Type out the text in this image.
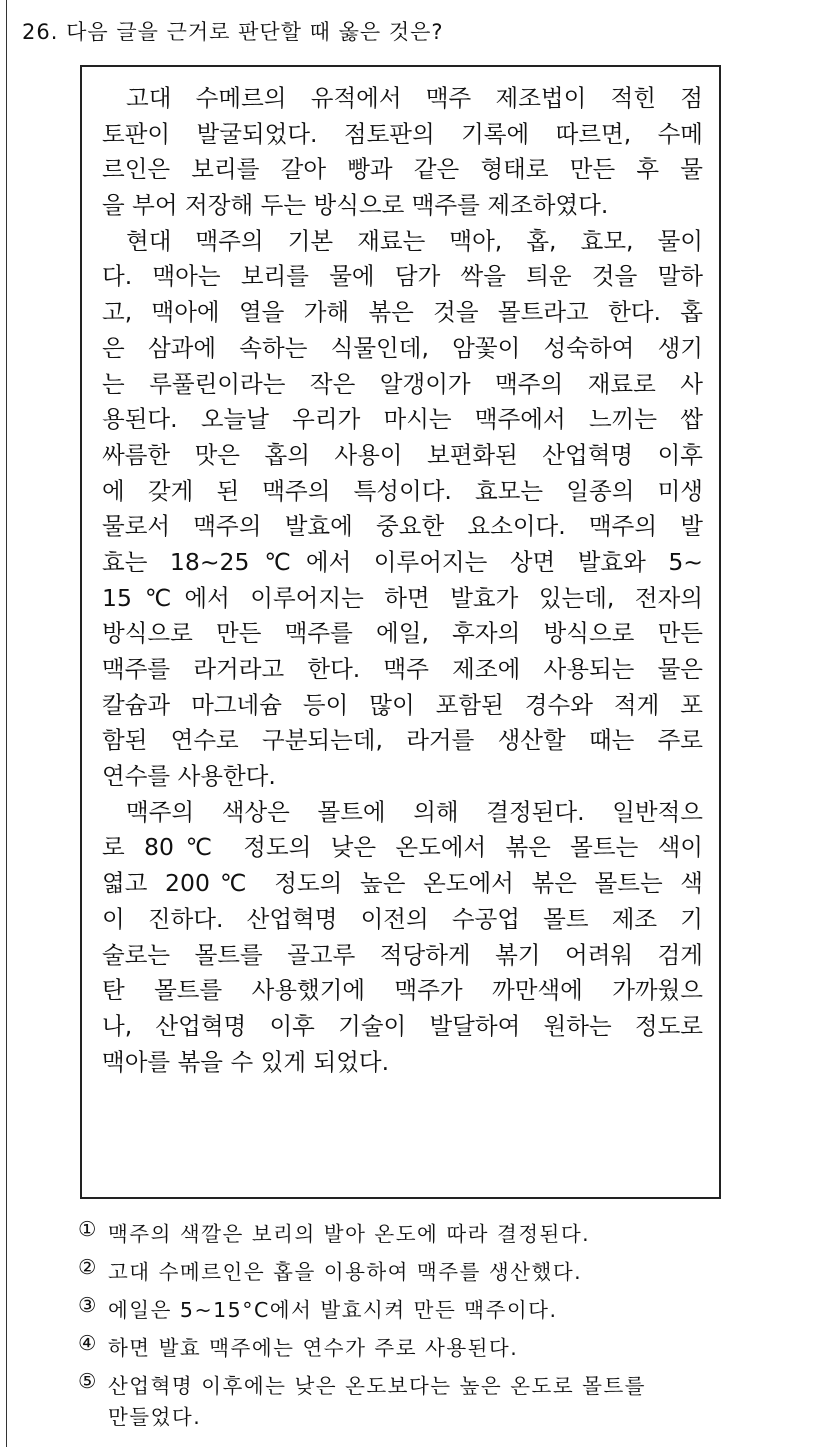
26. 다음 글을 근거로 판단할 때 옳은 것은?
고대 수메르의 유적에서 맥주 제조법이 적힌 점
토판이 발굴되었다. 점토판의 기록에 따르면, 수메
르인은 보리를 갈아 빵과 같은 형태로 만든 후 물
을 부어 저장해 두는 방식으로 맥주를 제조하였다.
현대 맥주의 기본 재료는 맥아, 홉, 효모, 물이
다. 맥아는 보리를 물에 담가 싹을 틔운 것을 말하
고, 맥아에 열을 가해 볶은 것을 몰트라고 한다. 홉
은 삼과에 속하는 식물인데, 암꽃이 성숙하여 생기
는 루풀린이라는 작은 알갱이가 맥주의 재료로 사
용된다. 오늘날 우리가 마시는 맥주에서 느끼는 쌉
싸름한 맛은 홉의 사용이 보편화된 산업혁명 이후
에 갖게 된 맥주의 특성이다. 효모는 일종의 미생
물로서 맥주의 발효에 중요한 요소이다. 맥주의 발
효는 18~25℃에서 이루어지는 상면 발효와 5~
15℃에서 이루어지는 하면 발효가 있는데, 전자의
방식으로 만든 맥주를 에일, 후자의 방식으로 만든
맥주를 라거라고 한다. 맥주 제조에 사용되는 물은
칼슘과 마그네슘 등이 많이 포함된 경수와 적게 포
함된 연수로 구분되는데, 라거를 생산할 때는 주로
연수를 사용한다.
맥주의 색상은 몰트에 의해 결정된다. 일반적으
로 80℃ 정도의 낮은 온도에서 볶은 몰트는 색이
엷고 200℃ 정도의 높은 온도에서 볶은 몰트는 색
이 진하다. 산업혁명 이전의 수공업 몰트 제조 기
술로는 몰트를 골고루 적당하게 볶기 어려워 검게
탄 몰트를 사용했기에 맥주가 까만색에 가까웠으
나, 산업혁명 이후 기술이 발달하여 원하는 정도로
맥아를 볶을 수 있게 되었다.
① 맥주의 색깔은 보리의 발아 온도에 따라 결정된다.
② 고대 수메르인은 홉을 이용하여 맥주를 생산했다.
③ 에일은 5~15°C에서 발효시켜 만든 맥주이다.
④ 하면 발효 맥주에는 연수가 주로 사용된다.
⑤ 산업혁명 이후에는 낮은 온도보다는 높은 온도로 몰트를
만들었다.
